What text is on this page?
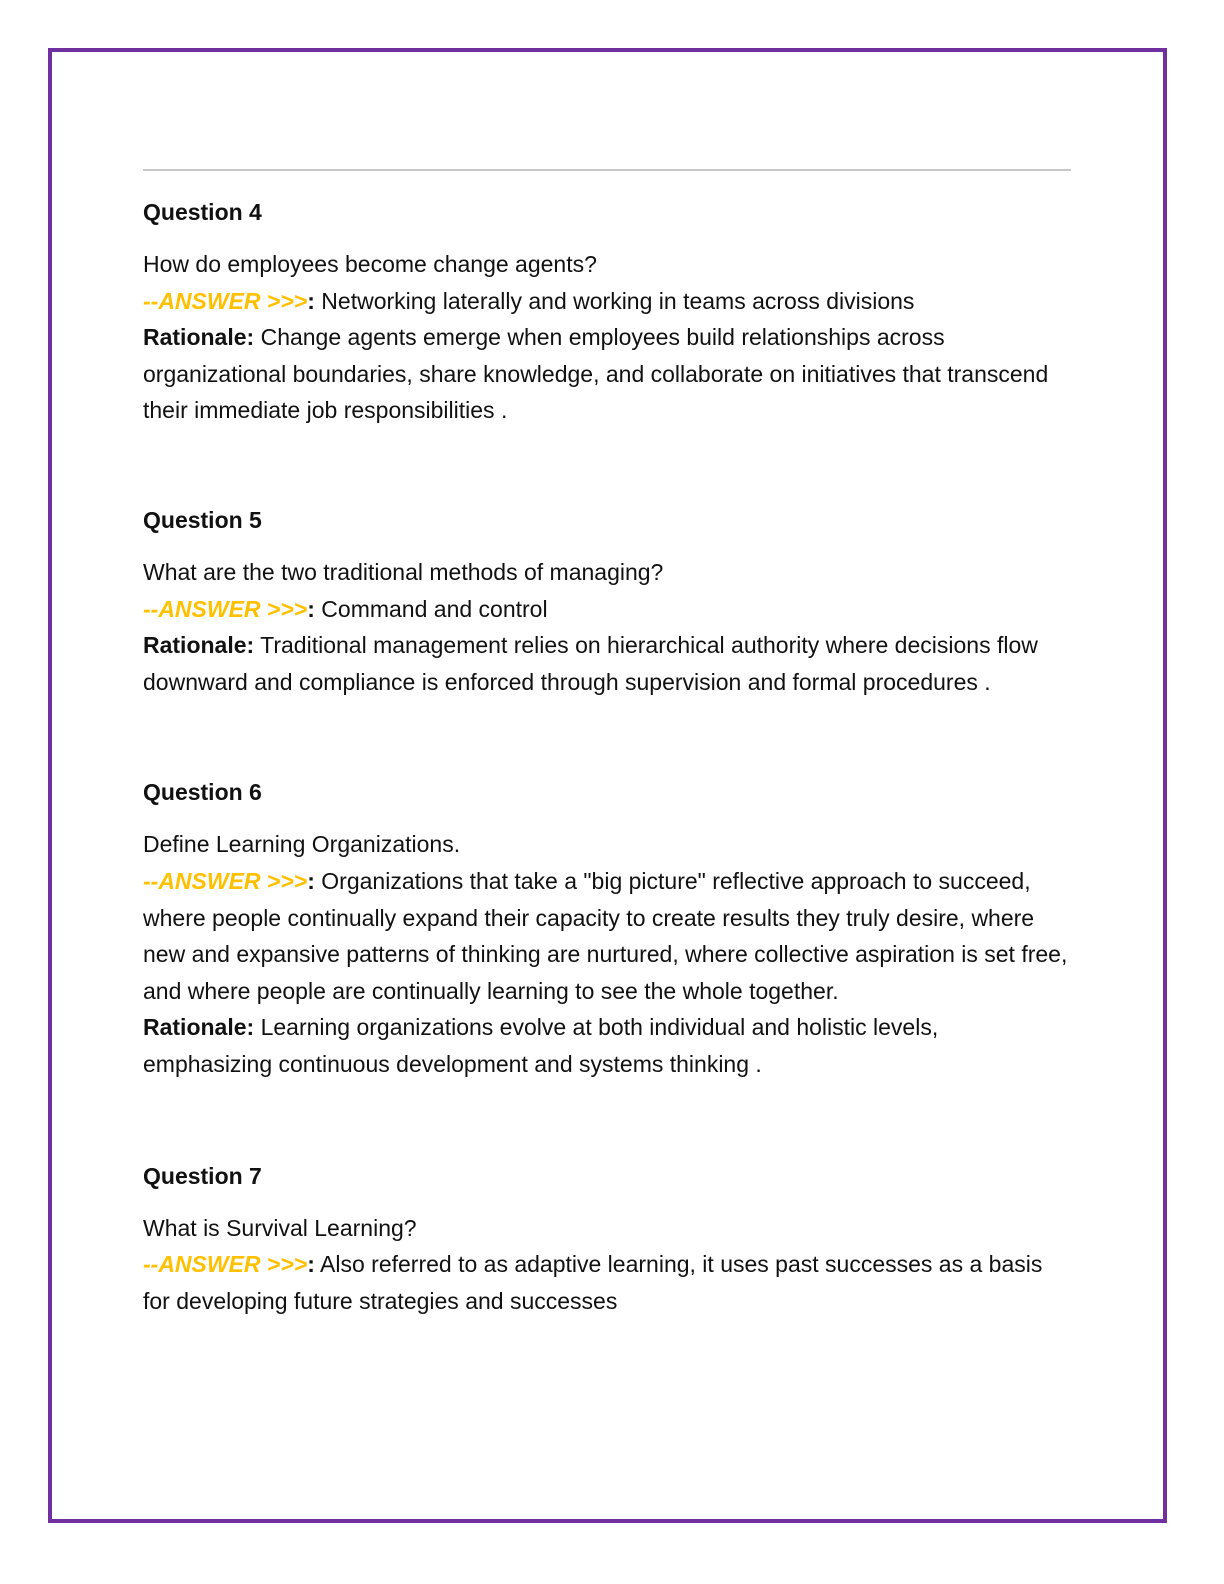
Question 4

How do employees become change agents?

--ANSWER >>>: Networking laterally and working in teams across divisions

Rationale: Change agents emerge when employees build relationships across organizational boundaries, share knowledge, and collaborate on initiatives that transcend their immediate job responsibilities .

Question 5

What are the two traditional methods of managing?

--ANSWER >>>: Command and control

Rationale: Traditional management relies on hierarchical authority where decisions flow downward and compliance is enforced through supervision and formal procedures .

Question 6

Define Learning Organizations.

--ANSWER >>>: Organizations that take a "big picture" reflective approach to succeed, where people continually expand their capacity to create results they truly desire, where new and expansive patterns of thinking are nurtured, where collective aspiration is set free, and where people are continually learning to see the whole together.

Rationale: Learning organizations evolve at both individual and holistic levels, emphasizing continuous development and systems thinking .

Question 7

What is Survival Learning?

--ANSWER >>>: Also referred to as adaptive learning, it uses past successes as a basis for developing future strategies and successes
